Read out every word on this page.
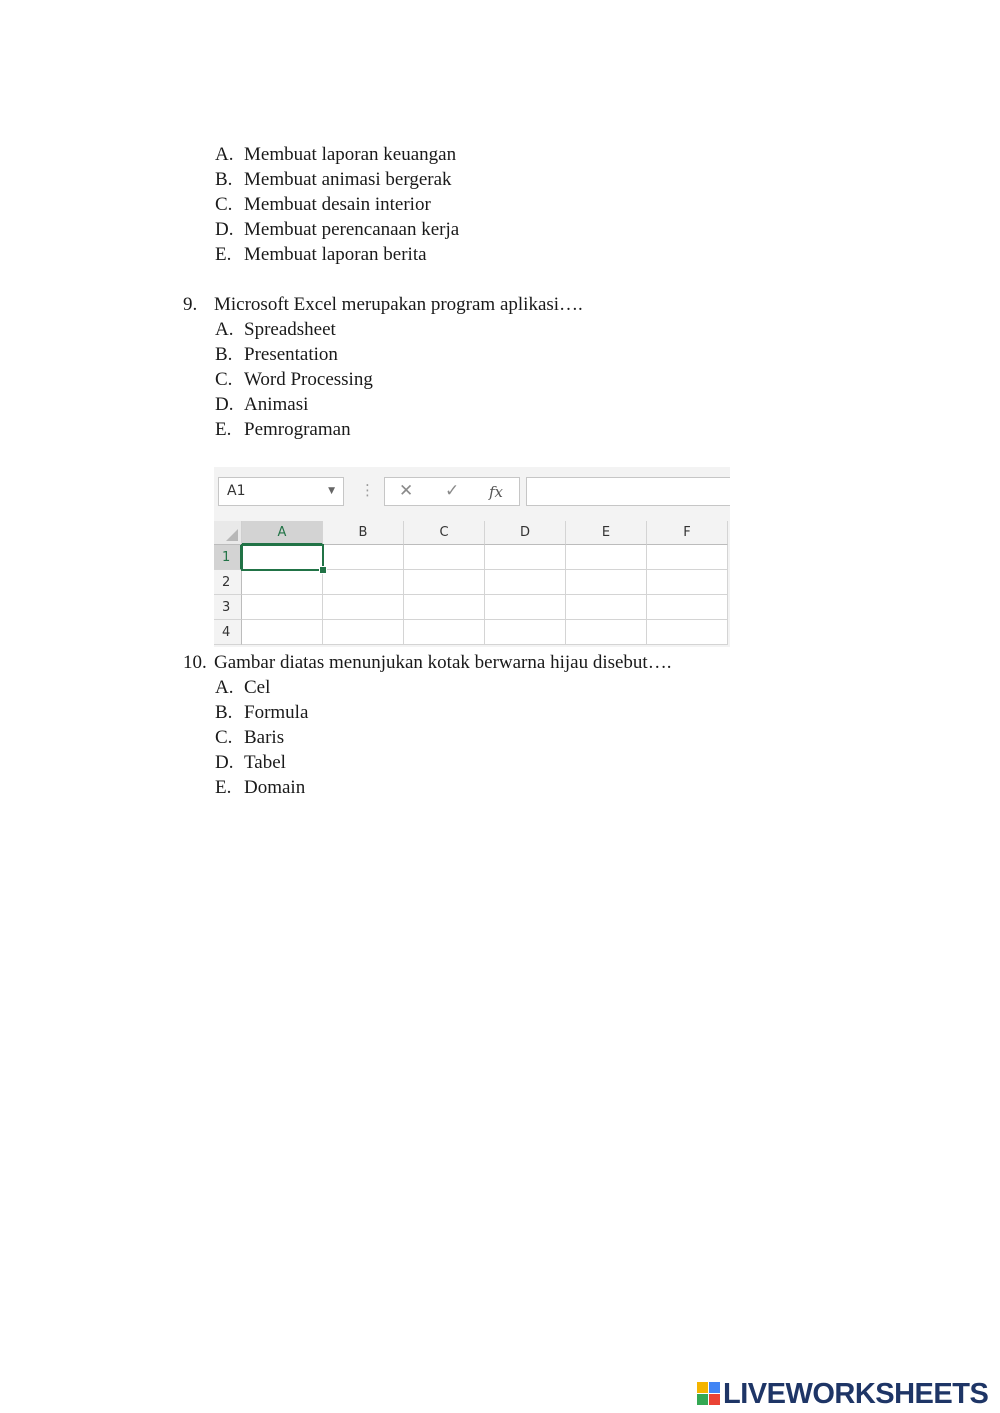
A. Membuat laporan keuangan
B. Membuat animasi bergerak
C. Membuat desain interior
D. Membuat perencanaan kerja
E. Membuat laporan berita
9. Microsoft Excel merupakan program aplikasi….
A. Spreadsheet
B. Presentation
C. Word Processing
D. Animasi
E. Pemrograman
A1	▼ ⋮ ✕ ✓ fx
A	B	C	D	E	F
1
2
3
4
10. Gambar diatas menunjukan kotak berwarna hijau disebut….
A. Cel
B. Formula
C. Baris
D. Tabel
E. Domain
LIVEWORKSHEETS
